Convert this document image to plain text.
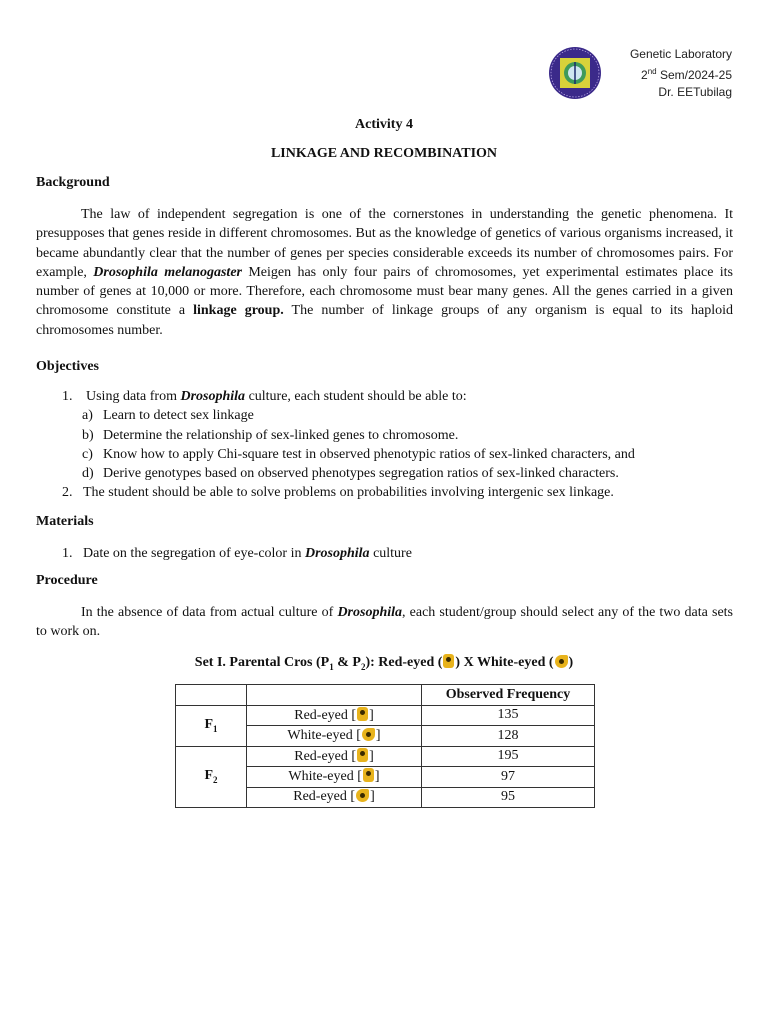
Genetic Laboratory
2nd Sem/2024-25
Dr. EETubilag
Activity 4
LINKAGE AND RECOMBINATION
Background
The law of independent segregation is one of the cornerstones in understanding the genetic phenomena. It presupposes that genes reside in different chromosomes. But as the knowledge of genetics of various organisms increased, it became abundantly clear that the number of genes per species considerable exceeds its number of chromosomes pairs. For example, Drosophila melanogaster Meigen has only four pairs of chromosomes, yet experimental estimates place its number of genes at 10,000 or more. Therefore, each chromosome must bear many genes. All the genes carried in a given chromosome constitute a linkage group. The number of linkage groups of any organism is equal to its haploid chromosomes number.
Objectives
1. Using data from Drosophila culture, each student should be able to:
a) Learn to detect sex linkage
b) Determine the relationship of sex-linked genes to chromosome.
c) Know how to apply Chi-square test in observed phenotypic ratios of sex-linked characters, and
d) Derive genotypes based on observed phenotypes segregation ratios of sex-linked characters.
2. The student should be able to solve problems on probabilities involving intergenic sex linkage.
Materials
1. Date on the segregation of eye-color in Drosophila culture
Procedure
In the absence of data from actual culture of Drosophila, each student/group should select any of the two data sets to work on.
Set I. Parental Cros ($P_1$ & $P_2$): Red-eyed ( ) X White-eyed ( )
		Observed Frequency
$F_1$	Red-eyed [ ]	135
	White-eyed [ ]	128
$F_2$	Red-eyed [ ]	195
	White-eyed [ ]	97
	Red-eyed [ ]	95
